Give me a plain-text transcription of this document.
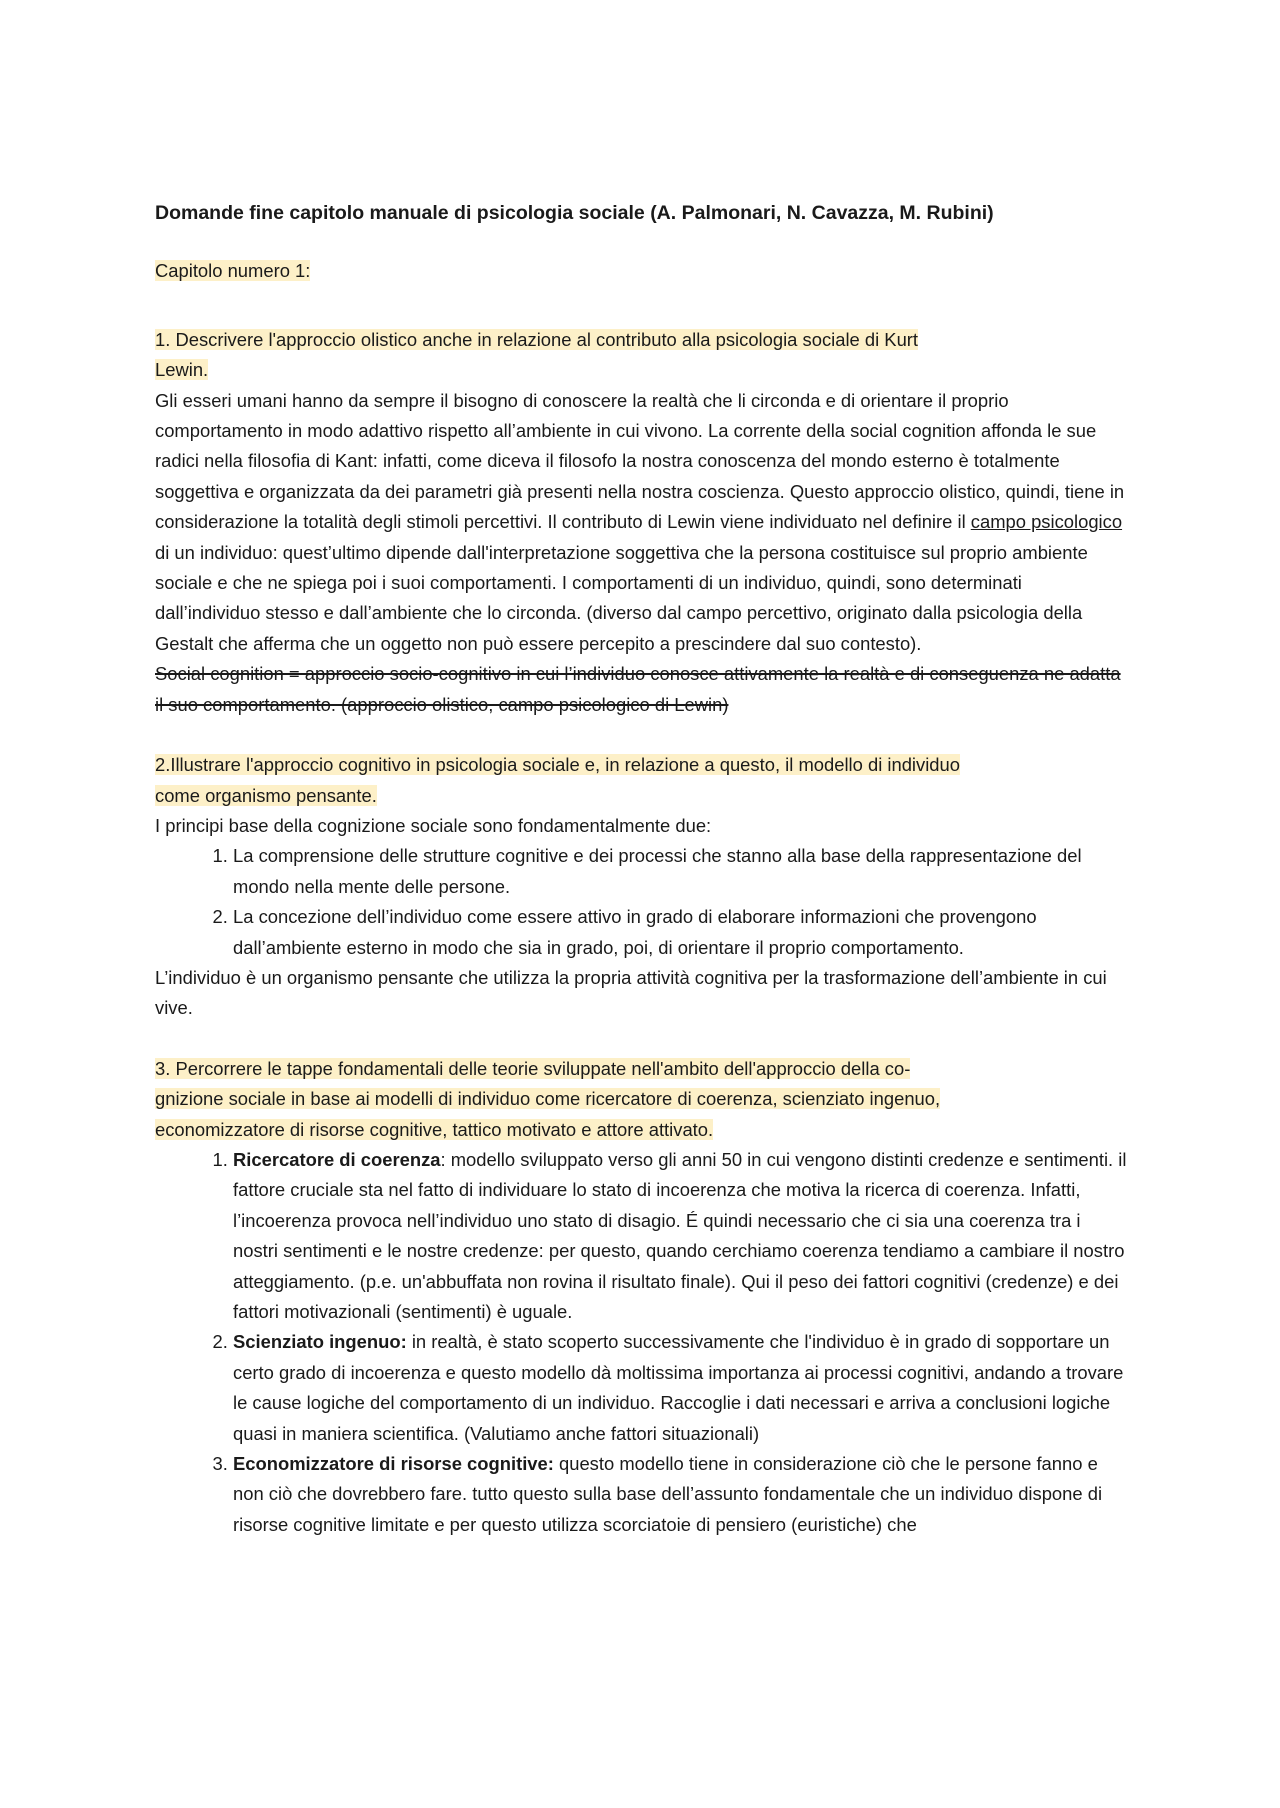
Domande fine capitolo manuale di psicologia sociale (A. Palmonari, N. Cavazza, M. Rubini)

Capitolo numero 1:

1. Descrivere l'approccio olistico anche in relazione al contributo alla psicologia sociale di Kurt
Lewin.

Gli esseri umani hanno da sempre il bisogno di conoscere la realtà che li circonda e di orientare il proprio comportamento in modo adattivo rispetto all’ambiente in cui vivono. La corrente della social cognition affonda le sue radici nella filosofia di Kant: infatti, come diceva il filosofo la nostra conoscenza del mondo esterno è totalmente soggettiva e organizzata da dei parametri già presenti nella nostra coscienza. Questo approccio olistico, quindi, tiene in considerazione la totalità degli stimoli percettivi. Il contributo di Lewin viene individuato nel definire il campo psicologico di un individuo: quest’ultimo dipende dall'interpretazione soggettiva che la persona costituisce sul proprio ambiente sociale e che ne spiega poi i suoi comportamenti. I comportamenti di un individuo, quindi, sono determinati dall’individuo stesso e dall’ambiente che lo circonda. (diverso dal campo percettivo, originato dalla psicologia della Gestalt che afferma che un oggetto non può essere percepito a prescindere dal suo contesto).

Social cognition = approccio socio-cognitivo in cui l’individuo conosce attivamente la realtà e di conseguenza ne adatta il suo comportamento. (approccio olistico, campo psicologico di Lewin)

2.Illustrare l'approccio cognitivo in psicologia sociale e, in relazione a questo, il modello di individuo
come organismo pensante.

I principi base della cognizione sociale sono fondamentalmente due:

1. La comprensione delle strutture cognitive e dei processi che stanno alla base della rappresentazione del mondo nella mente delle persone.
2. La concezione dell’individuo come essere attivo in grado di elaborare informazioni che provengono dall’ambiente esterno in modo che sia in grado, poi, di orientare il proprio comportamento.

L’individuo è un organismo pensante che utilizza la propria attività cognitiva per la trasformazione dell’ambiente in cui vive.

3. Percorrere le tappe fondamentali delle teorie sviluppate nell'ambito dell'approccio della co-
gnizione sociale in base ai modelli di individuo come ricercatore di coerenza, scienziato ingenuo,
economizzatore di risorse cognitive, tattico motivato e attore attivato.

1. Ricercatore di coerenza: modello sviluppato verso gli anni 50 in cui vengono distinti credenze e sentimenti. il fattore cruciale sta nel fatto di individuare lo stato di incoerenza che motiva la ricerca di coerenza. Infatti, l’incoerenza provoca nell’individuo uno stato di disagio. É quindi necessario che ci sia una coerenza tra i nostri sentimenti e le nostre credenze: per questo, quando cerchiamo coerenza tendiamo a cambiare il nostro atteggiamento. (p.e. un'abbuffata non rovina il risultato finale). Qui il peso dei fattori cognitivi (credenze) e dei fattori motivazionali (sentimenti) è uguale.
2. Scienziato ingenuo: in realtà, è stato scoperto successivamente che l'individuo è in grado di sopportare un certo grado di incoerenza e questo modello dà moltissima importanza ai processi cognitivi, andando a trovare le cause logiche del comportamento di un individuo. Raccoglie i dati necessari e arriva a conclusioni logiche quasi in maniera scientifica. (Valutiamo anche fattori situazionali)
3. Economizzatore di risorse cognitive: questo modello tiene in considerazione ciò che le persone fanno e non ciò che dovrebbero fare. tutto questo sulla base dell’assunto fondamentale che un individuo dispone di risorse cognitive limitate e per questo utilizza scorciatoie di pensiero (euristiche) che
